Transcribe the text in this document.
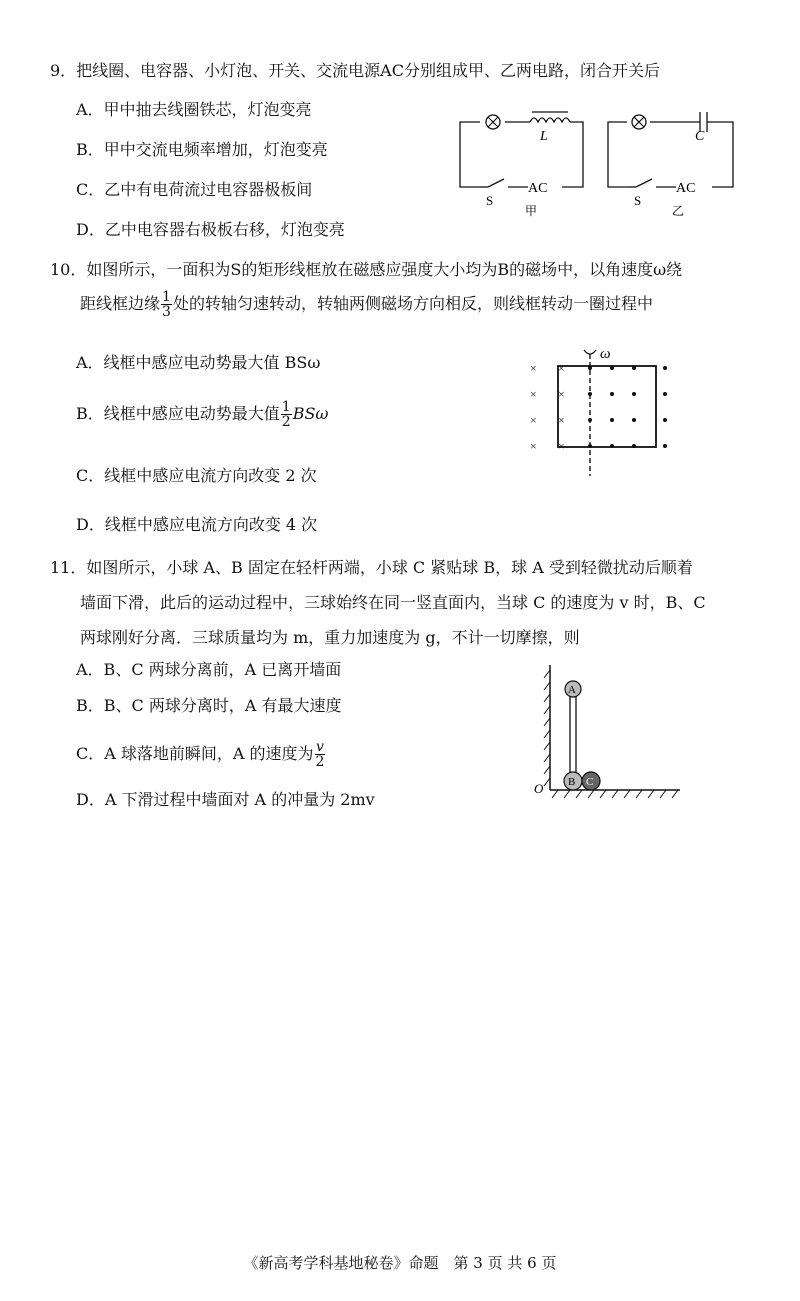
9．把线圈、电容器、小灯泡、开关、交流电源AC分别组成甲、乙两电路，闭合开关后
A．甲中抽去线圈铁芯，灯泡变亮
B．甲中交流电频率增加，灯泡变亮
C．乙中有电荷流过电容器极板间
D．乙中电容器右极板右移，灯泡变亮
L
AC
S
甲
C
AC
S
乙
10．如图所示，一面积为S的矩形线框放在磁感应强度大小均为B的磁场中，以角速度ω绕
距线框边缘 $\frac{1}{3}$ 处的转轴匀速转动，转轴两侧磁场方向相反，则线框转动一圈过程中
A．线框中感应电动势最大值 BSω
B．线框中感应电动势最大值 $\frac{1}{2}$ BSω
C．线框中感应电流方向改变 2 次
D．线框中感应电流方向改变 4 次
ω
× ×
× ×
× ×
× ×
11．如图所示，小球 A、B 固定在轻杆两端，小球 C 紧贴球 B，球 A 受到轻微扰动后顺着
墙面下滑，此后的运动过程中，三球始终在同一竖直面内，当球 C 的速度为 v 时，B、C
两球刚好分离．三球质量均为 m，重力加速度为 g，不计一切摩擦，则
A．B、C 两球分离前，A 已离开墙面
B．B、C 两球分离时，A 有最大速度
C．A 球落地前瞬间，A 的速度为 $\frac{v}{2}$
D．A 下滑过程中墙面对 A 的冲量为 2mv
A
B C
O
《新高考学科基地秘卷》命题　第 3 页 共 6 页
